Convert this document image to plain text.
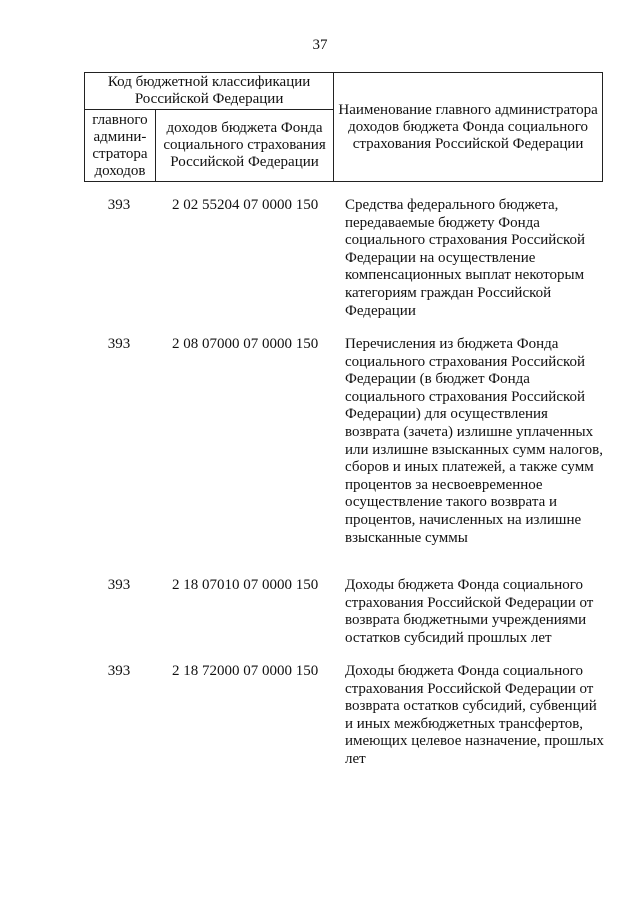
37
Код бюджетной классификации Российской Федерации		Наименование главного администратора доходов бюджета Фонда социального страхования Российской Федерации
главного админи-стратора доходов	доходов бюджета Фонда социального страхования Российской Федерации	
393	2 02 55204 07 0000 150	Средства федерального бюджета, передаваемые бюджету Фонда социального страхования Российской Федерации на осуществление компенсационных выплат некоторым категориям граждан Российской Федерации
393	2 08 07000 07 0000 150	Перечисления из бюджета Фонда социального страхования Российской Федерации (в бюджет Фонда социального страхования Российской Федерации) для осуществления возврата (зачета) излишне уплаченных или излишне взысканных сумм налогов, сборов и иных платежей, а также сумм процентов за несвоевременное осуществление такого возврата и процентов, начисленных на излишне взысканные суммы
393	2 18 07010 07 0000 150	Доходы бюджета Фонда социального страхования Российской Федерации от возврата бюджетными учреждениями остатков субсидий прошлых лет
393	2 18 72000 07 0000 150	Доходы бюджета Фонда социального страхования Российской Федерации от возврата остатков субсидий, субвенций и иных межбюджетных трансфертов, имеющих целевое назначение, прошлых лет
